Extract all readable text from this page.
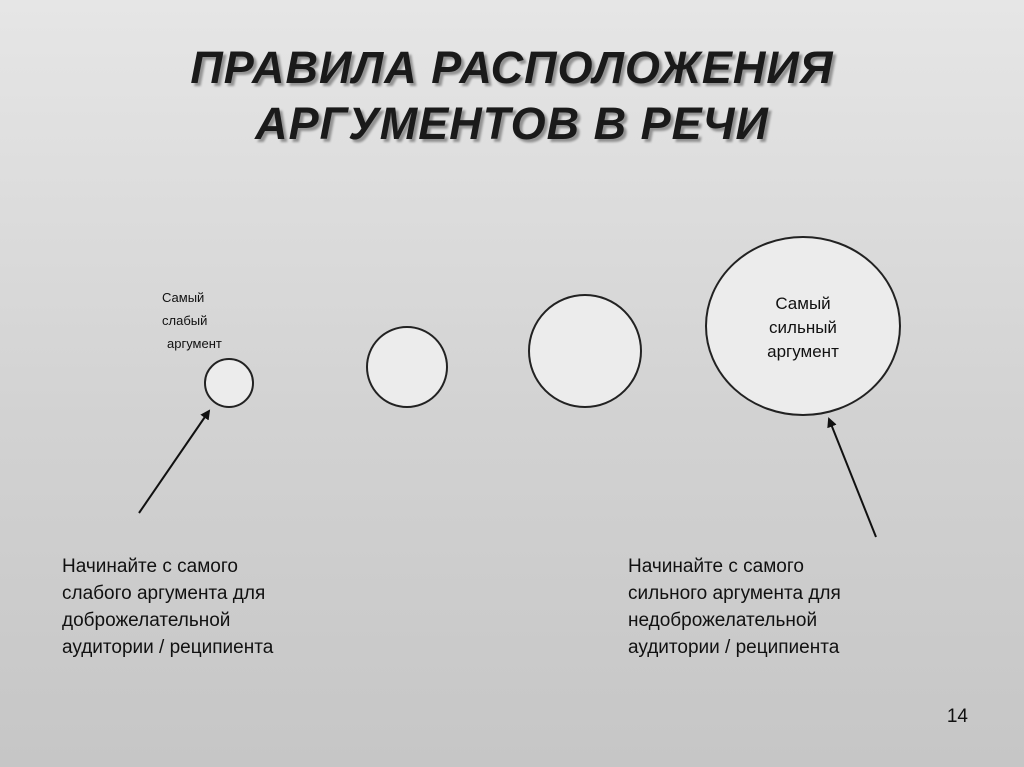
ПРАВИЛА РАСПОЛОЖЕНИЯ
АРГУМЕНТОВ В РЕЧИ
Самый
слабый
аргумент
Самый
сильный
аргумент
Начинайте с самого
слабого аргумента для
доброжелательной
аудитории / реципиента
Начинайте с самого
сильного аргумента для
недоброжелательной
аудитории / реципиента
14
